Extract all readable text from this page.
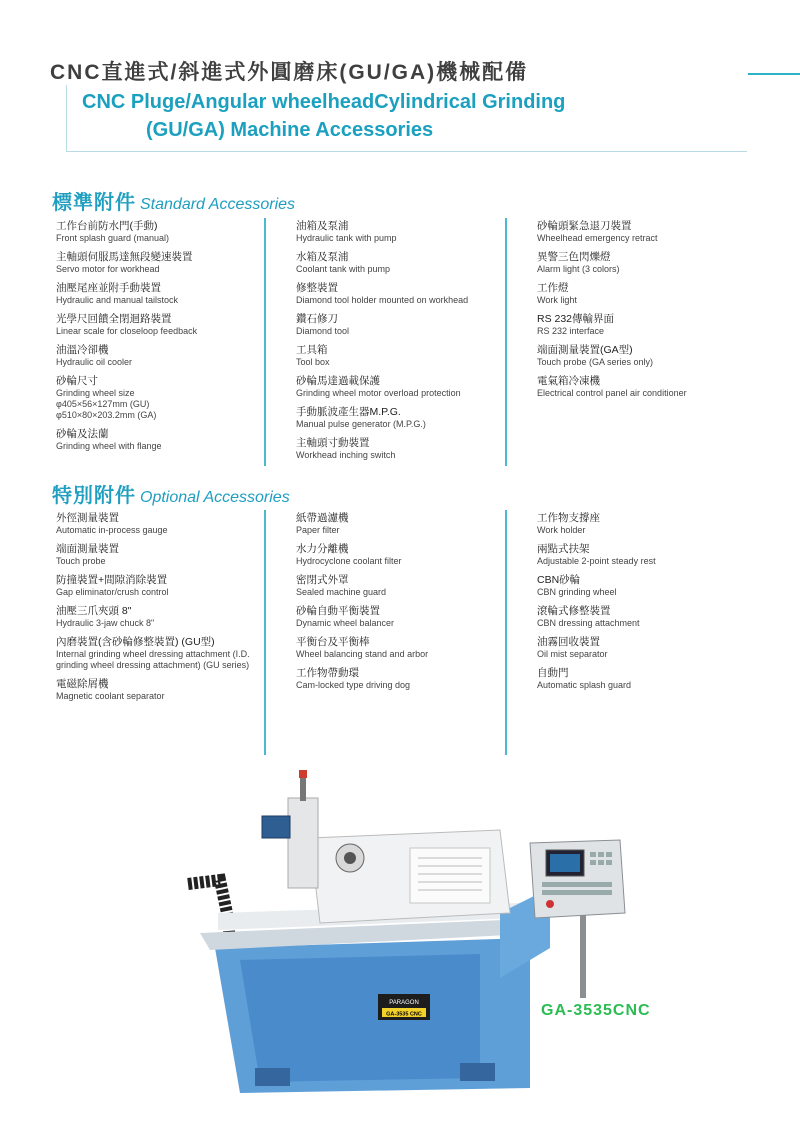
CNC直進式/斜進式外圓磨床(GU/GA)機械配備
CNC Pluge/Angular wheelheadCylindrical Grinding
(GU/GA) Machine Accessories
標準附件 Standard Accessories
工作台前防水門(手動)
Front splash guard (manual)
主軸頭伺服馬達無段變速裝置
Servo motor for workhead
油壓尾座並附手動裝置
Hydraulic and manual tailstock
光學尺回饋全閉迴路裝置
Linear scale for closeloop feedback
油溫冷卻機
Hydraulic oil cooler
砂輪尺寸
Grinding wheel size
φ405×56×127mm (GU)
φ510×80×203.2mm (GA)
砂輪及法蘭
Grinding wheel with flange
油箱及泵浦
Hydraulic tank with pump
水箱及泵浦
Coolant tank with pump
修整裝置
Diamond tool holder mounted on workhead
鑽石修刀
Diamond tool
工具箱
Tool box
砂輪馬達過載保護
Grinding wheel motor overload protection
手動脈波產生器M.P.G.
Manual pulse generator (M.P.G.)
主軸頭寸動裝置
Workhead inching switch
砂輪頭緊急退刀裝置
Wheelhead emergency retract
異警三色閃爍燈
Alarm light (3 colors)
工作燈
Work light
RS 232傳輸界面
RS 232 interface
端面測量裝置(GA型)
Touch probe (GA series only)
電氣箱冷凍機
Electrical control panel air conditioner
特別附件 Optional Accessories
外徑測量裝置
Automatic in-process gauge
端面測量裝置
Touch probe
防撞裝置+間隙消除裝置
Gap eliminator/crush control
油壓三爪夾頭 8"
Hydraulic 3-jaw chuck 8"
內磨裝置(含砂輪修整裝置) (GU型)
Internal grinding wheel dressing attachment (I.D.
grinding wheel dressing attachment) (GU series)
電磁除屑機
Magnetic coolant separator
紙帶過濾機
Paper filter
水力分離機
Hydrocyclone coolant filter
密閉式外罩
Sealed machine guard
砂輪自動平衡裝置
Dynamic wheel balancer
平衡台及平衡棒
Wheel balancing stand and arbor
工作物帶動環
Cam-locked type driving dog
工作物支撐座
Work holder
兩點式扶架
Adjustable 2-point steady rest
CBN砂輪
CBN grinding wheel
滾輪式修整裝置
CBN dressing attachment
油霧回收裝置
Oil mist separator
自動門
Automatic splash guard
PARAGON
GA-3535 CNC	GA-3535CNC
